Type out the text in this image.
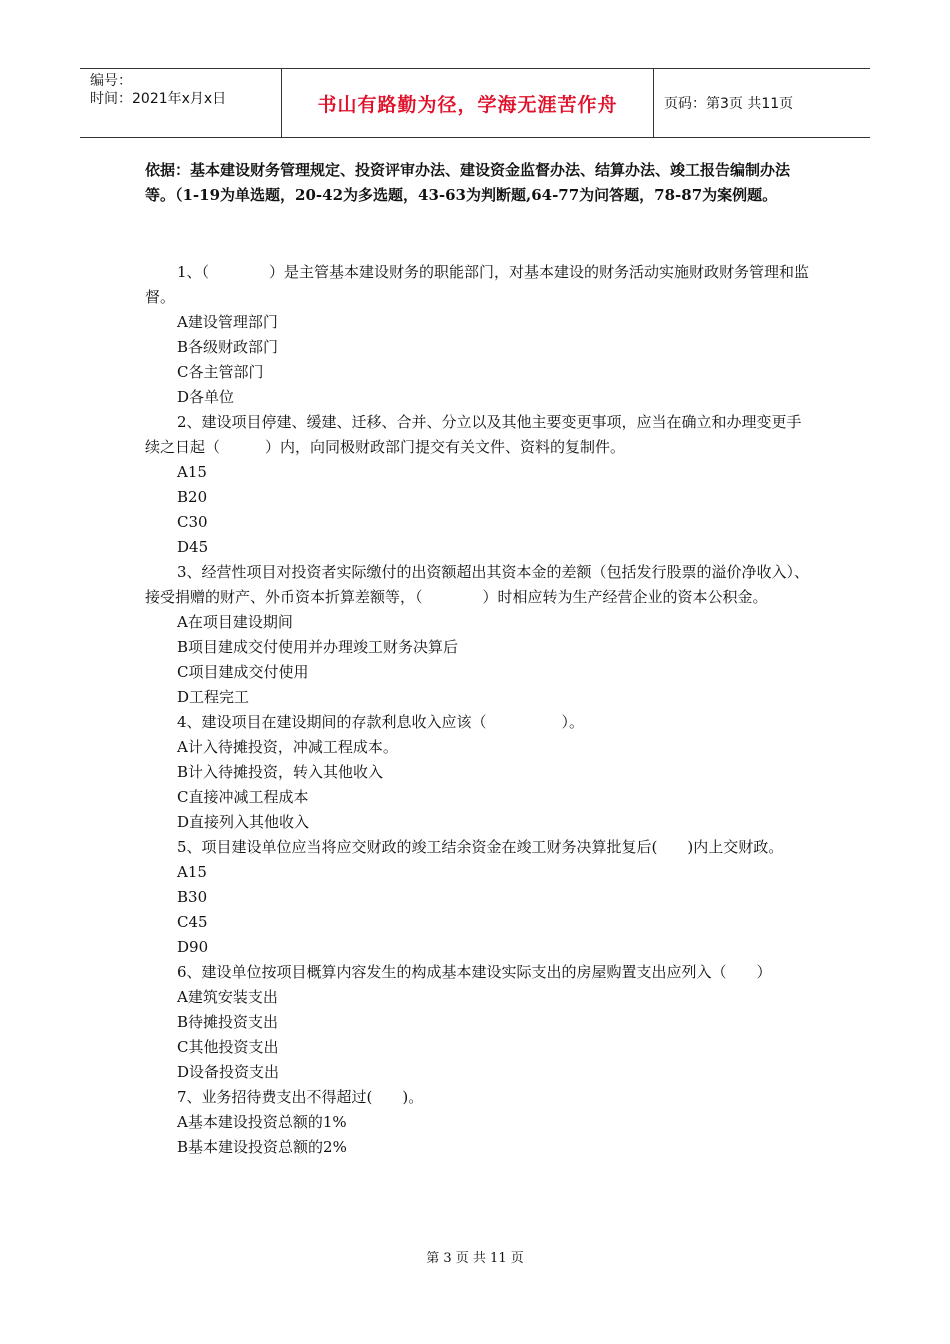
编号：
时间：2021年x月x日	书山有路勤为径，学海无涯苦作舟	页码：第3页 共11页
依据：基本建设财务管理规定、投资评审办法、建设资金监督办法、结算办法、竣工报告编制办法等。（1-19为单选题，20-42为多选题，43-63为判断题,64-77为问答题，78-87为案例题。
1、（　　　　）是主管基本建设财务的职能部门，对基本建设的财务活动实施财政财务管理和监督。
A建设管理部门
B各级财政部门
C各主管部门
D各单位
2、建设项目停建、缓建、迁移、合并、分立以及其他主要变更事项，应当在确立和办理变更手续之日起（　　　）内，向同极财政部门提交有关文件、资料的复制件。
A15
B20
C30
D45
3、经营性项目对投资者实际缴付的出资额超出其资本金的差额（包括发行股票的溢价净收入）、接受捐赠的财产、外币资本折算差额等，（　　　　）时相应转为生产经营企业的资本公积金。
A在项目建设期间
B项目建成交付使用并办理竣工财务决算后
C项目建成交付使用
D工程完工
4、建设项目在建设期间的存款利息收入应该（　　　　　）。
A计入待摊投资，冲减工程成本。
B计入待摊投资，转入其他收入
C直接冲减工程成本
D直接列入其他收入
5、项目建设单位应当将应交财政的竣工结余资金在竣工财务决算批复后(　　)内上交财政。
A15
B30
C45
D90
6、建设单位按项目概算内容发生的构成基本建设实际支出的房屋购置支出应列入（　　）
A建筑安装支出
B待摊投资支出
C其他投资支出
D设备投资支出
7、业务招待费支出不得超过(　　)。
A基本建设投资总额的1%
B基本建设投资总额的2%
第 3 页 共 11 页
